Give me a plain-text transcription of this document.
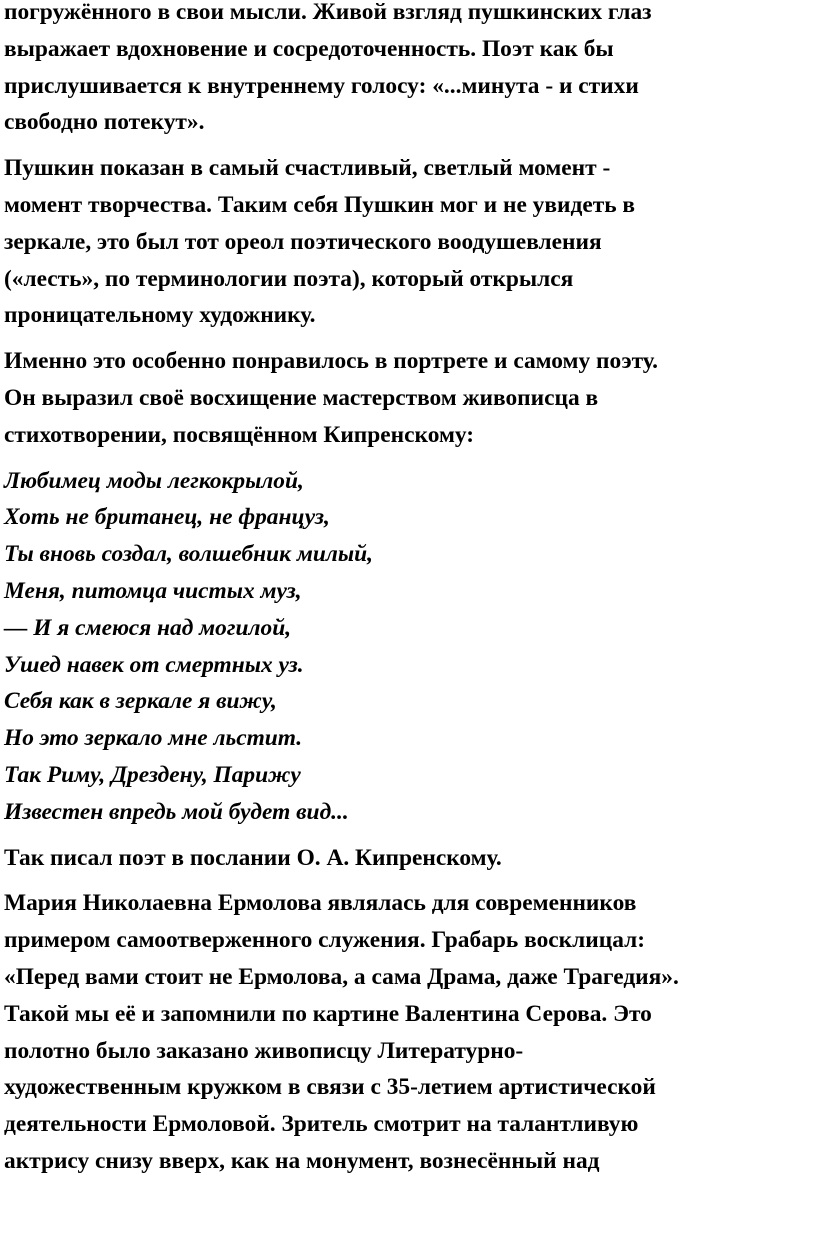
погружённого в свои мысли. Живой взгляд пушкинских глаз
выражает вдохновение и сосредоточенность. Поэт как бы
прислушивается к внутреннему голосу: «...минута - и стихи
свободно потекут».
Пушкин показан в самый счастливый, светлый момент -
момент творчества. Таким себя Пушкин мог и не увидеть в
зеркале, это был тот ореол поэтического воодушевления
(«лесть», по терминологии поэта), который открылся
проницательному художнику.
Именно это особенно понравилось в портрете и самому поэту.
Он выразил своё восхищение мастерством живописца в
стихотворении, посвящённом Кипренскому:
Любимец моды легкокрылой,
Хоть не британец, не француз,
Ты вновь создал, волшебник милый,
Меня, питомца чистых муз,
— И я смеюся над могилой,
Ушед навек от смертных уз.
Себя как в зеркале я вижу,
Но это зеркало мне льстит.
Так Риму, Дрездену, Парижу
Известен впредь мой будет вид...
Так писал поэт в послании О. А. Кипренскому.
Мария Николаевна Ермолова являлась для современников
примером самоотверженного служения. Грабарь восклицал:
«Перед вами стоит не Ермолова, а сама Драма, даже Трагедия».
Такой мы её и запомнили по картине Валентина Серова. Это
полотно было заказано живописцу Литературно-
художественным кружком в связи с 35-летием артистической
деятельности Ермоловой. Зритель смотрит на талантливую
актрису снизу вверх, как на монумент, вознесённый над
